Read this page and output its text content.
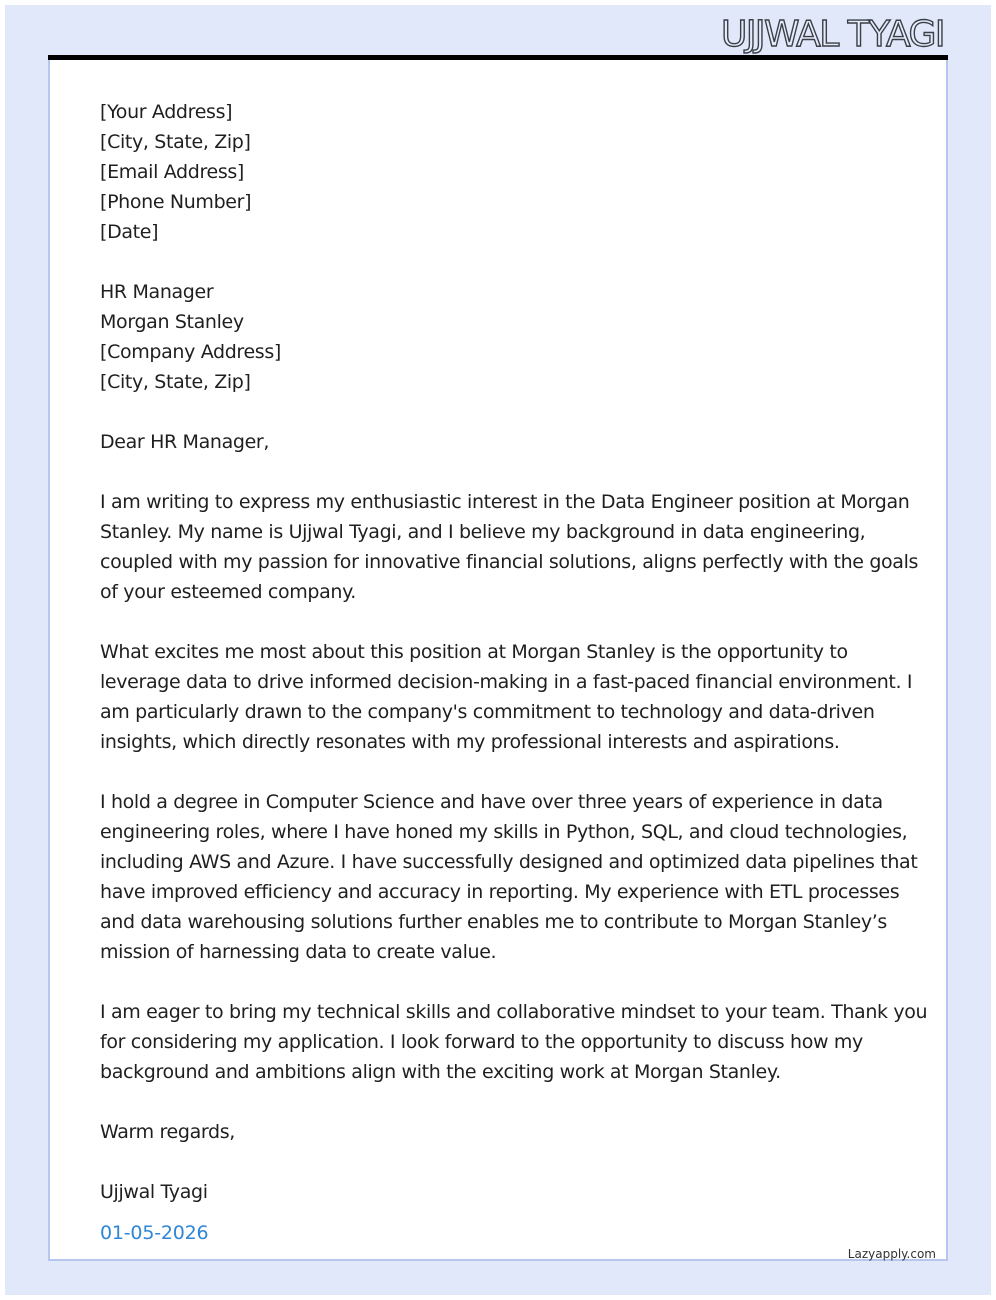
UJJWAL TYAGI
[Your Address]
[City, State, Zip]
[Email Address]
[Phone Number]
[Date]
HR Manager
Morgan Stanley
[Company Address]
[City, State, Zip]
Dear HR Manager,
I am writing to express my enthusiastic interest in the Data Engineer position at Morgan
Stanley. My name is Ujjwal Tyagi, and I believe my background in data engineering,
coupled with my passion for innovative financial solutions, aligns perfectly with the goals
of your esteemed company.
What excites me most about this position at Morgan Stanley is the opportunity to
leverage data to drive informed decision-making in a fast-paced financial environment. I
am particularly drawn to the company's commitment to technology and data-driven
insights, which directly resonates with my professional interests and aspirations.
I hold a degree in Computer Science and have over three years of experience in data
engineering roles, where I have honed my skills in Python, SQL, and cloud technologies,
including AWS and Azure. I have successfully designed and optimized data pipelines that
have improved efficiency and accuracy in reporting. My experience with ETL processes
and data warehousing solutions further enables me to contribute to Morgan Stanley’s
mission of harnessing data to create value.
I am eager to bring my technical skills and collaborative mindset to your team. Thank you
for considering my application. I look forward to the opportunity to discuss how my
background and ambitions align with the exciting work at Morgan Stanley.
Warm regards,
Ujjwal Tyagi
01-05-2026
Lazyapply.com
